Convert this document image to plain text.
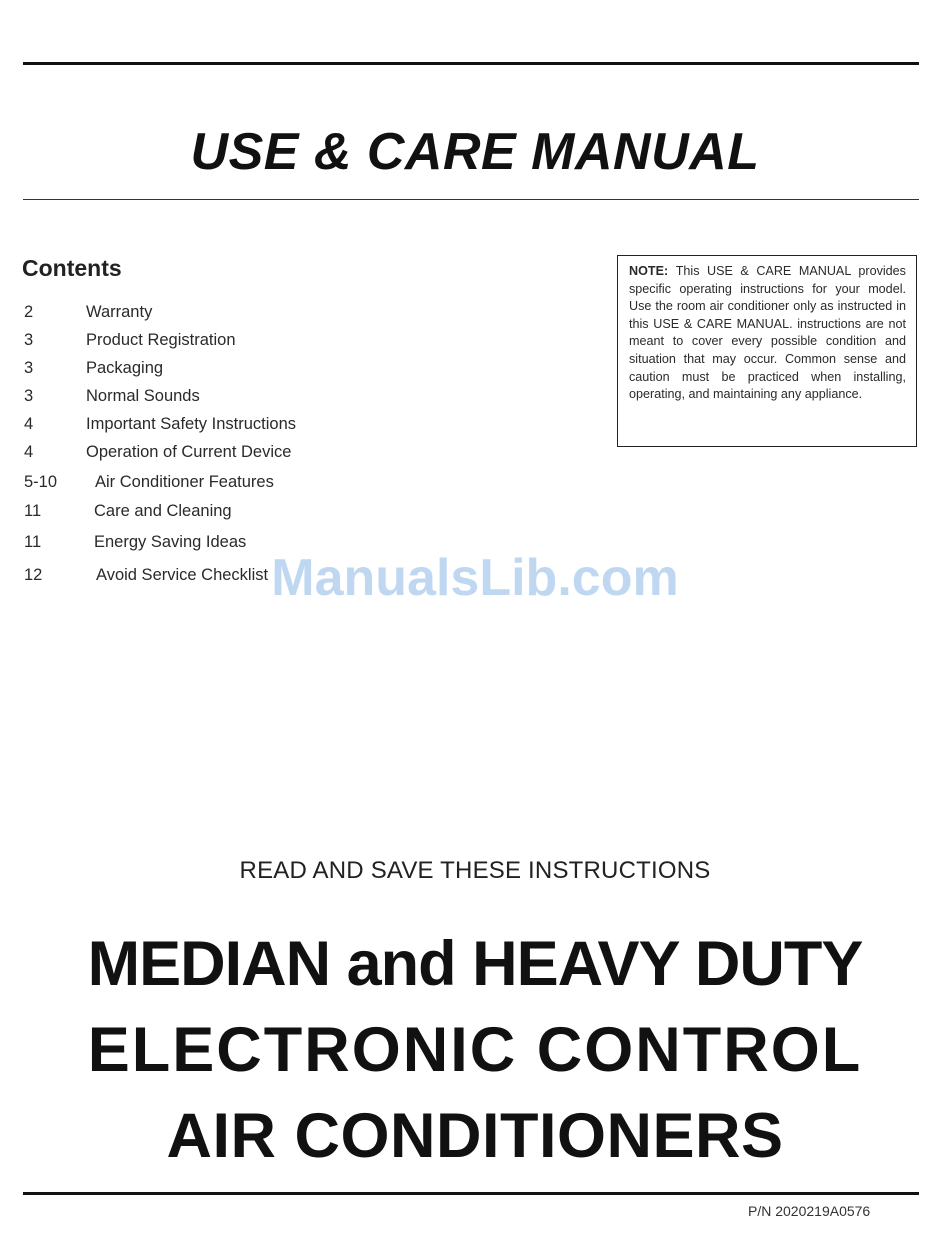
USE & CARE MANUAL
Contents
2	Warranty
3	Product Registration
3	Packaging
3	Normal Sounds
4	Important Safety Instructions
4	Operation of Current Device
5-10 Air Conditioner Features
11	Care and Cleaning
11	Energy Saving Ideas
12	Avoid Service Checklist
NOTE: This USE & CARE MANUAL provides specific operating instructions for your model. Use the room air conditioner only as instructed in this USE & CARE MANUAL. instructions are not meant to cover every possible condition and situation that may occur. Common sense and caution must be practiced when installing, operating, and maintaining any appliance.
ManualsLib.com
READ AND SAVE THESE INSTRUCTIONS
MEDIAN and HEAVY DUTY
ELECTRONIC CONTROL
AIR CONDITIONERS
P/N 2020219A0576
